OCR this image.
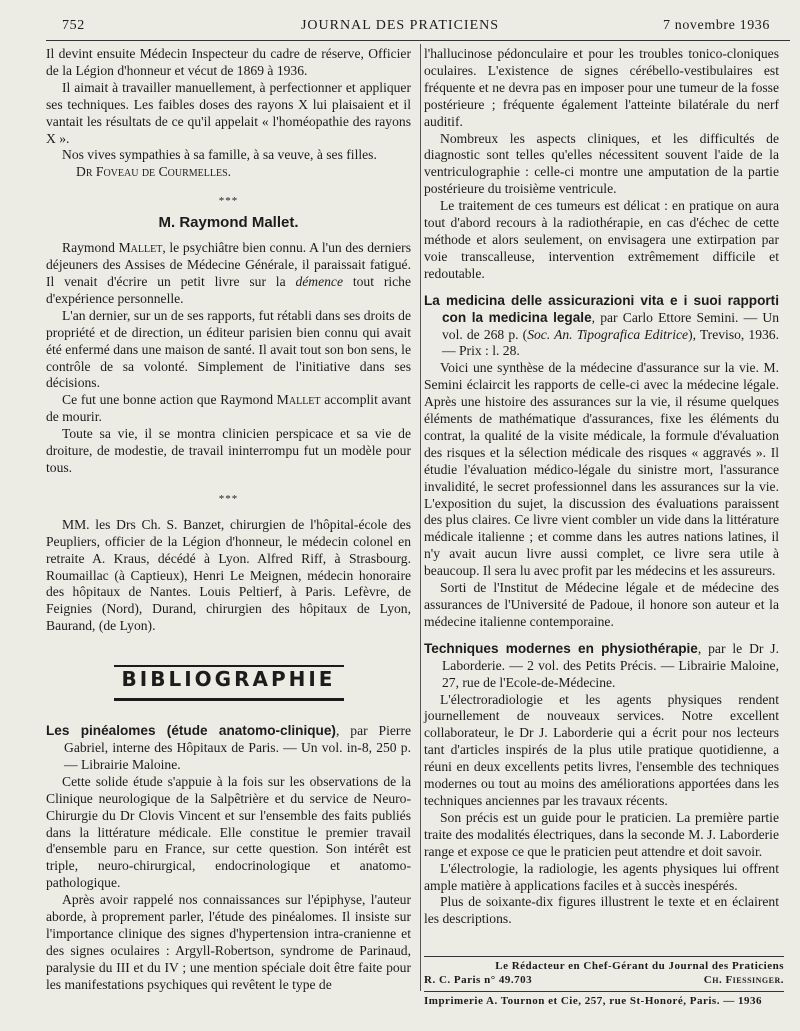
752	JOURNAL DES PRATICIENS	7 novembre 1936

Il devint ensuite Médecin Inspecteur du cadre de réserve, Officier de la Légion d'honneur et vécut de 1869 à 1936.

Il aimait à travailler manuellement, à perfectionner et appliquer ses techniques. Les faibles doses des rayons X lui plaisaient et il vantait les résultats de ce qu'il appelait « l'homéopathie des rayons X ».

Nos vives sympathies à sa famille, à sa veuve, à ses filles.
Dr Foveau de Courmelles.

***
M. Raymond Mallet.

Raymond Mallet, le psychiâtre bien connu. A l'un des derniers déjeuners des Assises de Médecine Générale, il paraissait fatigué. Il venait d'écrire un petit livre sur la démence tout riche d'expérience personnelle.

L'an dernier, sur un de ses rapports, fut rétabli dans ses droits de propriété et de direction, un éditeur parisien bien connu qui avait été enfermé dans une maison de santé. Il avait tout son bon sens, le contrôle de sa volonté. Simplement de l'initiative dans ses décisions.

Ce fut une bonne action que Raymond Mallet accomplit avant de mourir.

Toute sa vie, il se montra clinicien perspicace et sa vie de droiture, de modestie, de travail ininterrompu fut un modèle pour tous.

***

MM. les Drs Ch. S. Banzet, chirurgien de l'hôpital-école des Peupliers, officier de la Légion d'honneur, le médecin colonel en retraite A. Kraus, décédé à Lyon. Alfred Riff, à Strasbourg. Roumaillac (à Captieux), Henri Le Meignen, médecin honoraire des hôpitaux de Nantes. Louis Peltierf, à Paris. Lefèvre, de Feignies (Nord), Durand, chirurgien des hôpitaux de Lyon, Baurand, (de Lyon).

BIBLIOGRAPHIE

Les pinéalomes (étude anatomo-clinique), par Pierre Gabriel, interne des Hôpitaux de Paris. — Un vol. in-8, 250 p. — Librairie Maloine.

Cette solide étude s'appuie à la fois sur les observations de la Clinique neurologique de la Salpêtrière et du service de Neuro-Chirurgie du Dr Clovis Vincent et sur l'ensemble des faits publiés dans la littérature médicale. Elle constitue le premier travail d'ensemble paru en France, sur cette question. Son intérêt est triple, neuro-chirurgical, endocrinologique et anatomo-pathologique.

Après avoir rappelé nos connaissances sur l'épiphyse, l'auteur aborde, à proprement parler, l'étude des pinéalomes. Il insiste sur l'importance clinique des signes d'hypertension intra-cranienne et des signes oculaires : Argyll-Robertson, syndrome de Parinaud, paralysie du III et du IV ; une mention spéciale doit être faite pour les manifestations psychiques qui revêtent le type de

l'hallucinose pédonculaire et pour les troubles tonico-cloniques oculaires. L'existence de signes cérébello-vestibulaires est fréquente et ne devra pas en imposer pour une tumeur de la fosse postérieure ; fréquente également l'atteinte bilatérale du nerf auditif.

Nombreux les aspects cliniques, et les difficultés de diagnostic sont telles qu'elles nécessitent souvent l'aide de la ventriculographie : celle-ci montre une amputation de la partie postérieure du troisième ventricule.

Le traitement de ces tumeurs est délicat : en pratique on aura tout d'abord recours à la radiothérapie, en cas d'échec de cette méthode et alors seulement, on envisagera une extirpation par voie transcalleuse, intervention extrêmement difficile et redoutable.

La medicina delle assicurazioni vita e i suoi rapporti con la medicina legale, par Carlo Ettore Semini. — Un vol. de 268 p. (Soc. An. Tipografica Editrice), Treviso, 1936. — Prix : l. 28.

Voici une synthèse de la médecine d'assurance sur la vie. M. Semini éclaircit les rapports de celle-ci avec la médecine légale. Après une histoire des assurances sur la vie, il résume quelques éléments de mathématique d'assurances, fixe les éléments du contrat, la qualité de la visite médicale, la formule d'évaluation des risques et la sélection médicale des risques « aggravés ». Il étudie l'évaluation médico-légale du sinistre mort, l'assurance invalidité, le secret professionnel dans les assurances sur la vie. L'exposition du sujet, la discussion des évaluations paraissent des plus claires. Ce livre vient combler un vide dans la littérature médicale italienne ; et comme dans les autres nations latines, il n'y avait aucun livre aussi complet, ce livre sera utile à beaucoup. Il sera lu avec profit par les médecins et les assureurs.

Sorti de l'Institut de Médecine légale et de médecine des assurances de l'Université de Padoue, il honore son auteur et la médecine italienne contemporaine.

Techniques modernes en physiothérapie, par le Dr J. Laborderie. — 2 vol. des Petits Précis. — Librairie Maloine, 27, rue de l'Ecole-de-Médecine.

L'électroradiologie et les agents physiques rendent journellement de nouveaux services. Notre excellent collaborateur, le Dr J. Laborderie qui a écrit pour nos lecteurs tant d'articles inspirés de la plus utile pratique quotidienne, a réuni en deux excellents petits livres, l'ensemble des techniques modernes ou tout au moins des améliorations apportées dans les techniques anciennes par les travaux récents.

Son précis est un guide pour le praticien. La première partie traite des modalités électriques, dans la seconde M. J. Laborderie range et expose ce que le praticien peut attendre et doit savoir.

L'électrologie, la radiologie, les agents physiques lui offrent ample matière à applications faciles et à succès inespérés.

Plus de soixante-dix figures illustrent le texte et en éclairent les descriptions.

Le Rédacteur en Chef-Gérant du Journal des Praticiens
R. C. Paris n° 49.703	Ch. Fiessinger.
Imprimerie A. Tournon et Cie, 257, rue St-Honoré, Paris. — 1936
